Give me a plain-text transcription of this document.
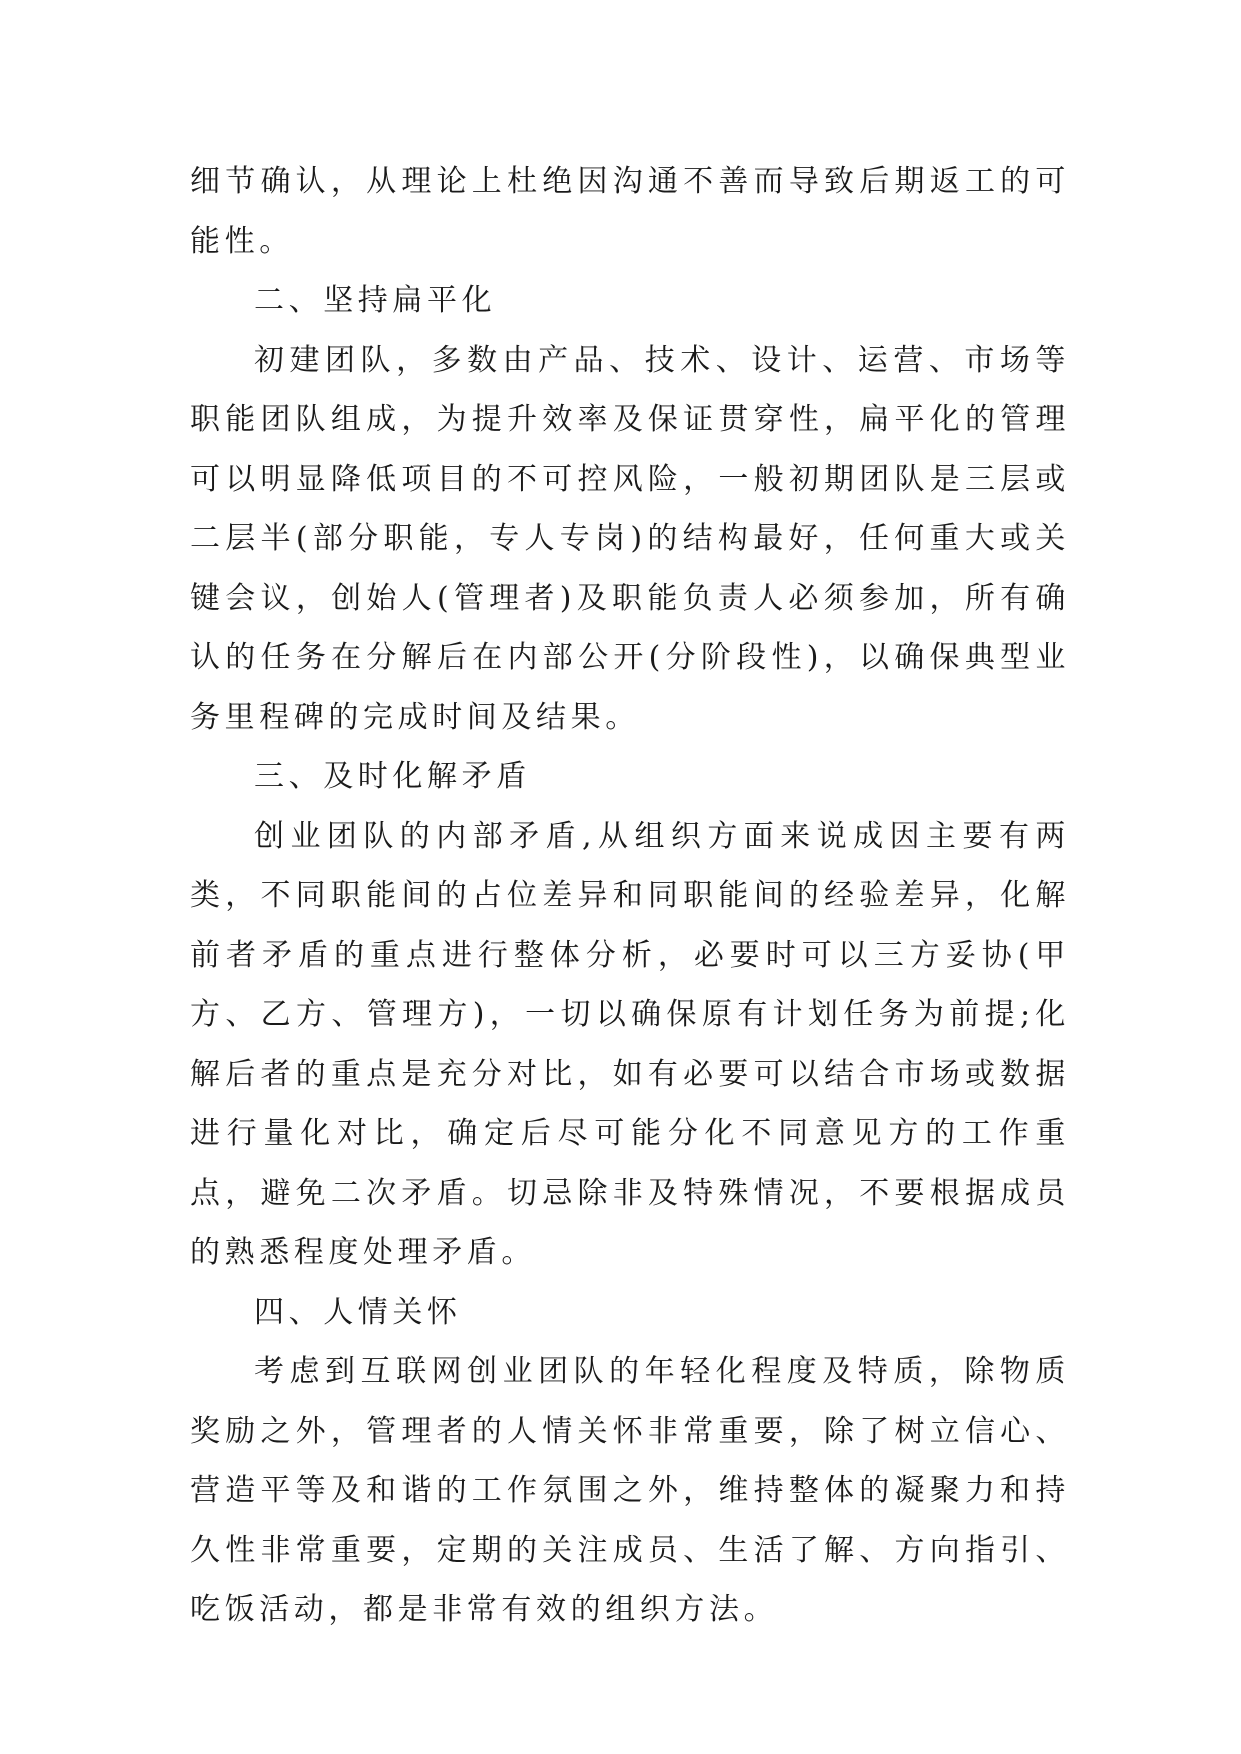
细节确认，从理论上杜绝因沟通不善而导致后期返工的可能性。

二、坚持扁平化

初建团队，多数由产品、技术、设计、运营、市场等职能团队组成，为提升效率及保证贯穿性，扁平化的管理可以明显降低项目的不可控风险，一般初期团队是三层或二层半(部分职能，专人专岗)的结构最好，任何重大或关键会议，创始人(管理者)及职能负责人必须参加，所有确认的任务在分解后在内部公开(分阶段性)，以确保典型业务里程碑的完成时间及结果。

三、及时化解矛盾

创业团队的内部矛盾,从组织方面来说成因主要有两类，不同职能间的占位差异和同职能间的经验差异，化解前者矛盾的重点进行整体分析，必要时可以三方妥协(甲方、乙方、管理方)，一切以确保原有计划任务为前提;化解后者的重点是充分对比，如有必要可以结合市场或数据进行量化对比，确定后尽可能分化不同意见方的工作重点，避免二次矛盾。切忌除非及特殊情况，不要根据成员的熟悉程度处理矛盾。

四、人情关怀

考虑到互联网创业团队的年轻化程度及特质，除物质奖励之外，管理者的人情关怀非常重要，除了树立信心、营造平等及和谐的工作氛围之外，维持整体的凝聚力和持久性非常重要，定期的关注成员、生活了解、方向指引、吃饭活动，都是非常有效的组织方法。
